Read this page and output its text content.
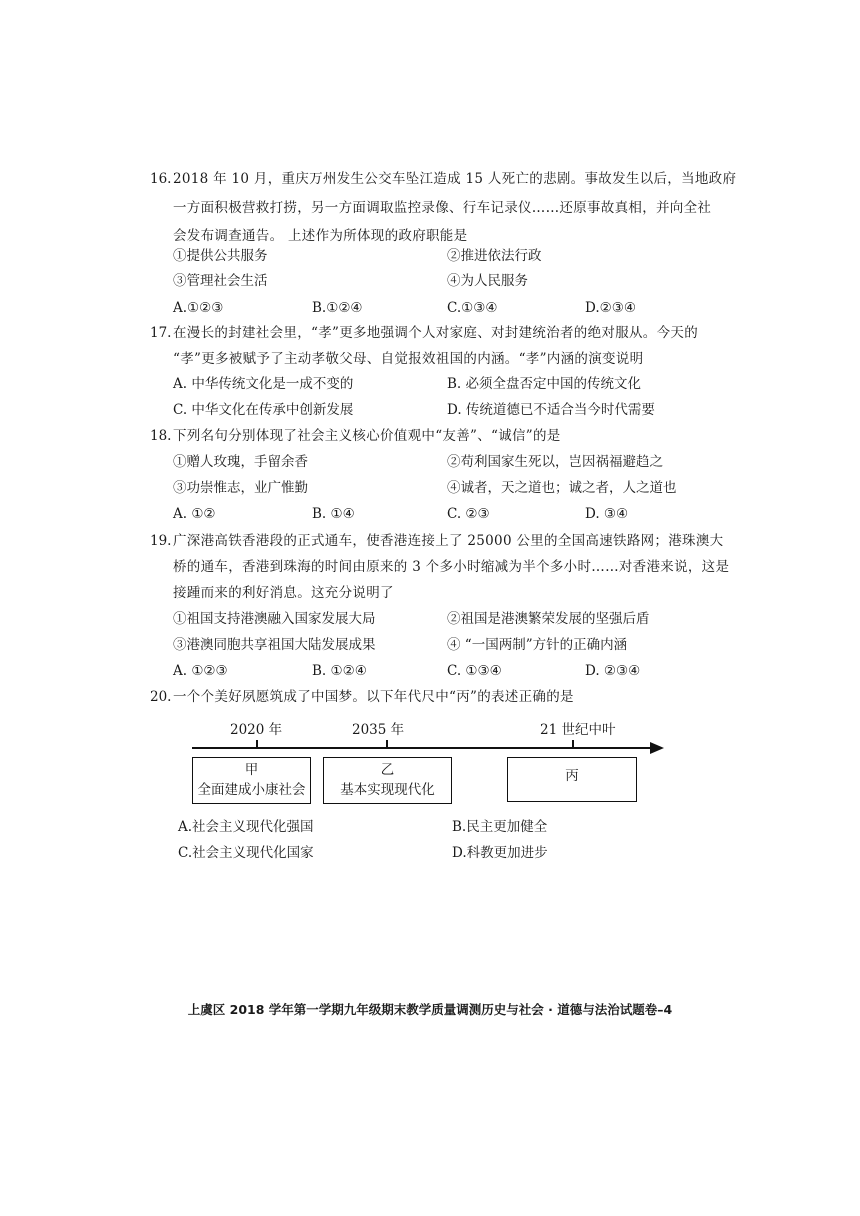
16. 2018 年 10 月，重庆万州发生公交车坠江造成 15 人死亡的悲剧。事故发生以后，当地政府
一方面积极营救打捞，另一方面调取监控录像、行车记录仪……还原事故真相，并向全社
会发布调查通告。 上述作为所体现的政府职能是
①提供公共服务	②推进依法行政
③管理社会生活	④为人民服务
A.①②③	B.①②④	C.①③④	D.②③④
17. 在漫长的封建社会里，“孝”更多地强调个人对家庭、对封建统治者的绝对服从。今天的
“孝”更多被赋予了主动孝敬父母、自觉报效祖国的内涵。“孝”内涵的演变说明
A. 中华传统文化是一成不变的	B. 必须全盘否定中国的传统文化
C. 中华文化在传承中创新发展	D. 传统道德已不适合当今时代需要
18. 下列名句分别体现了社会主义核心价值观中“友善”、“诚信”的是
①赠人玫瑰，手留余香	②苟利国家生死以，岂因祸福避趋之
③功崇惟志，业广惟勤	④诚者，天之道也；诚之者，人之道也
A. ①②	B. ①④	C. ②③	D. ③④
19. 广深港高铁香港段的正式通车，使香港连接上了 25000 公里的全国高速铁路网；港珠澳大
桥的通车，香港到珠海的时间由原来的 3 个多小时缩减为半个多小时……对香港来说，这是
接踵而来的利好消息。这充分说明了
①祖国支持港澳融入国家发展大局	②祖国是港澳繁荣发展的坚强后盾
③港澳同胞共享祖国大陆发展成果	④ “一国两制”方针的正确内涵
A. ①②③	B. ①②④	C. ①③④	D. ②③④
20. 一个个美好夙愿筑成了中国梦。以下年代尺中“丙”的表述正确的是
2020 年	2035 年	21 世纪中叶
甲
全面建成小康社会
乙
基本实现现代化
丙
A.社会主义现代化强国	B.民主更加健全
C.社会主义现代化国家	D.科教更加进步
上虞区 2018 学年第一学期九年级期末教学质量调测历史与社会 · 道德与法治试题卷–4
